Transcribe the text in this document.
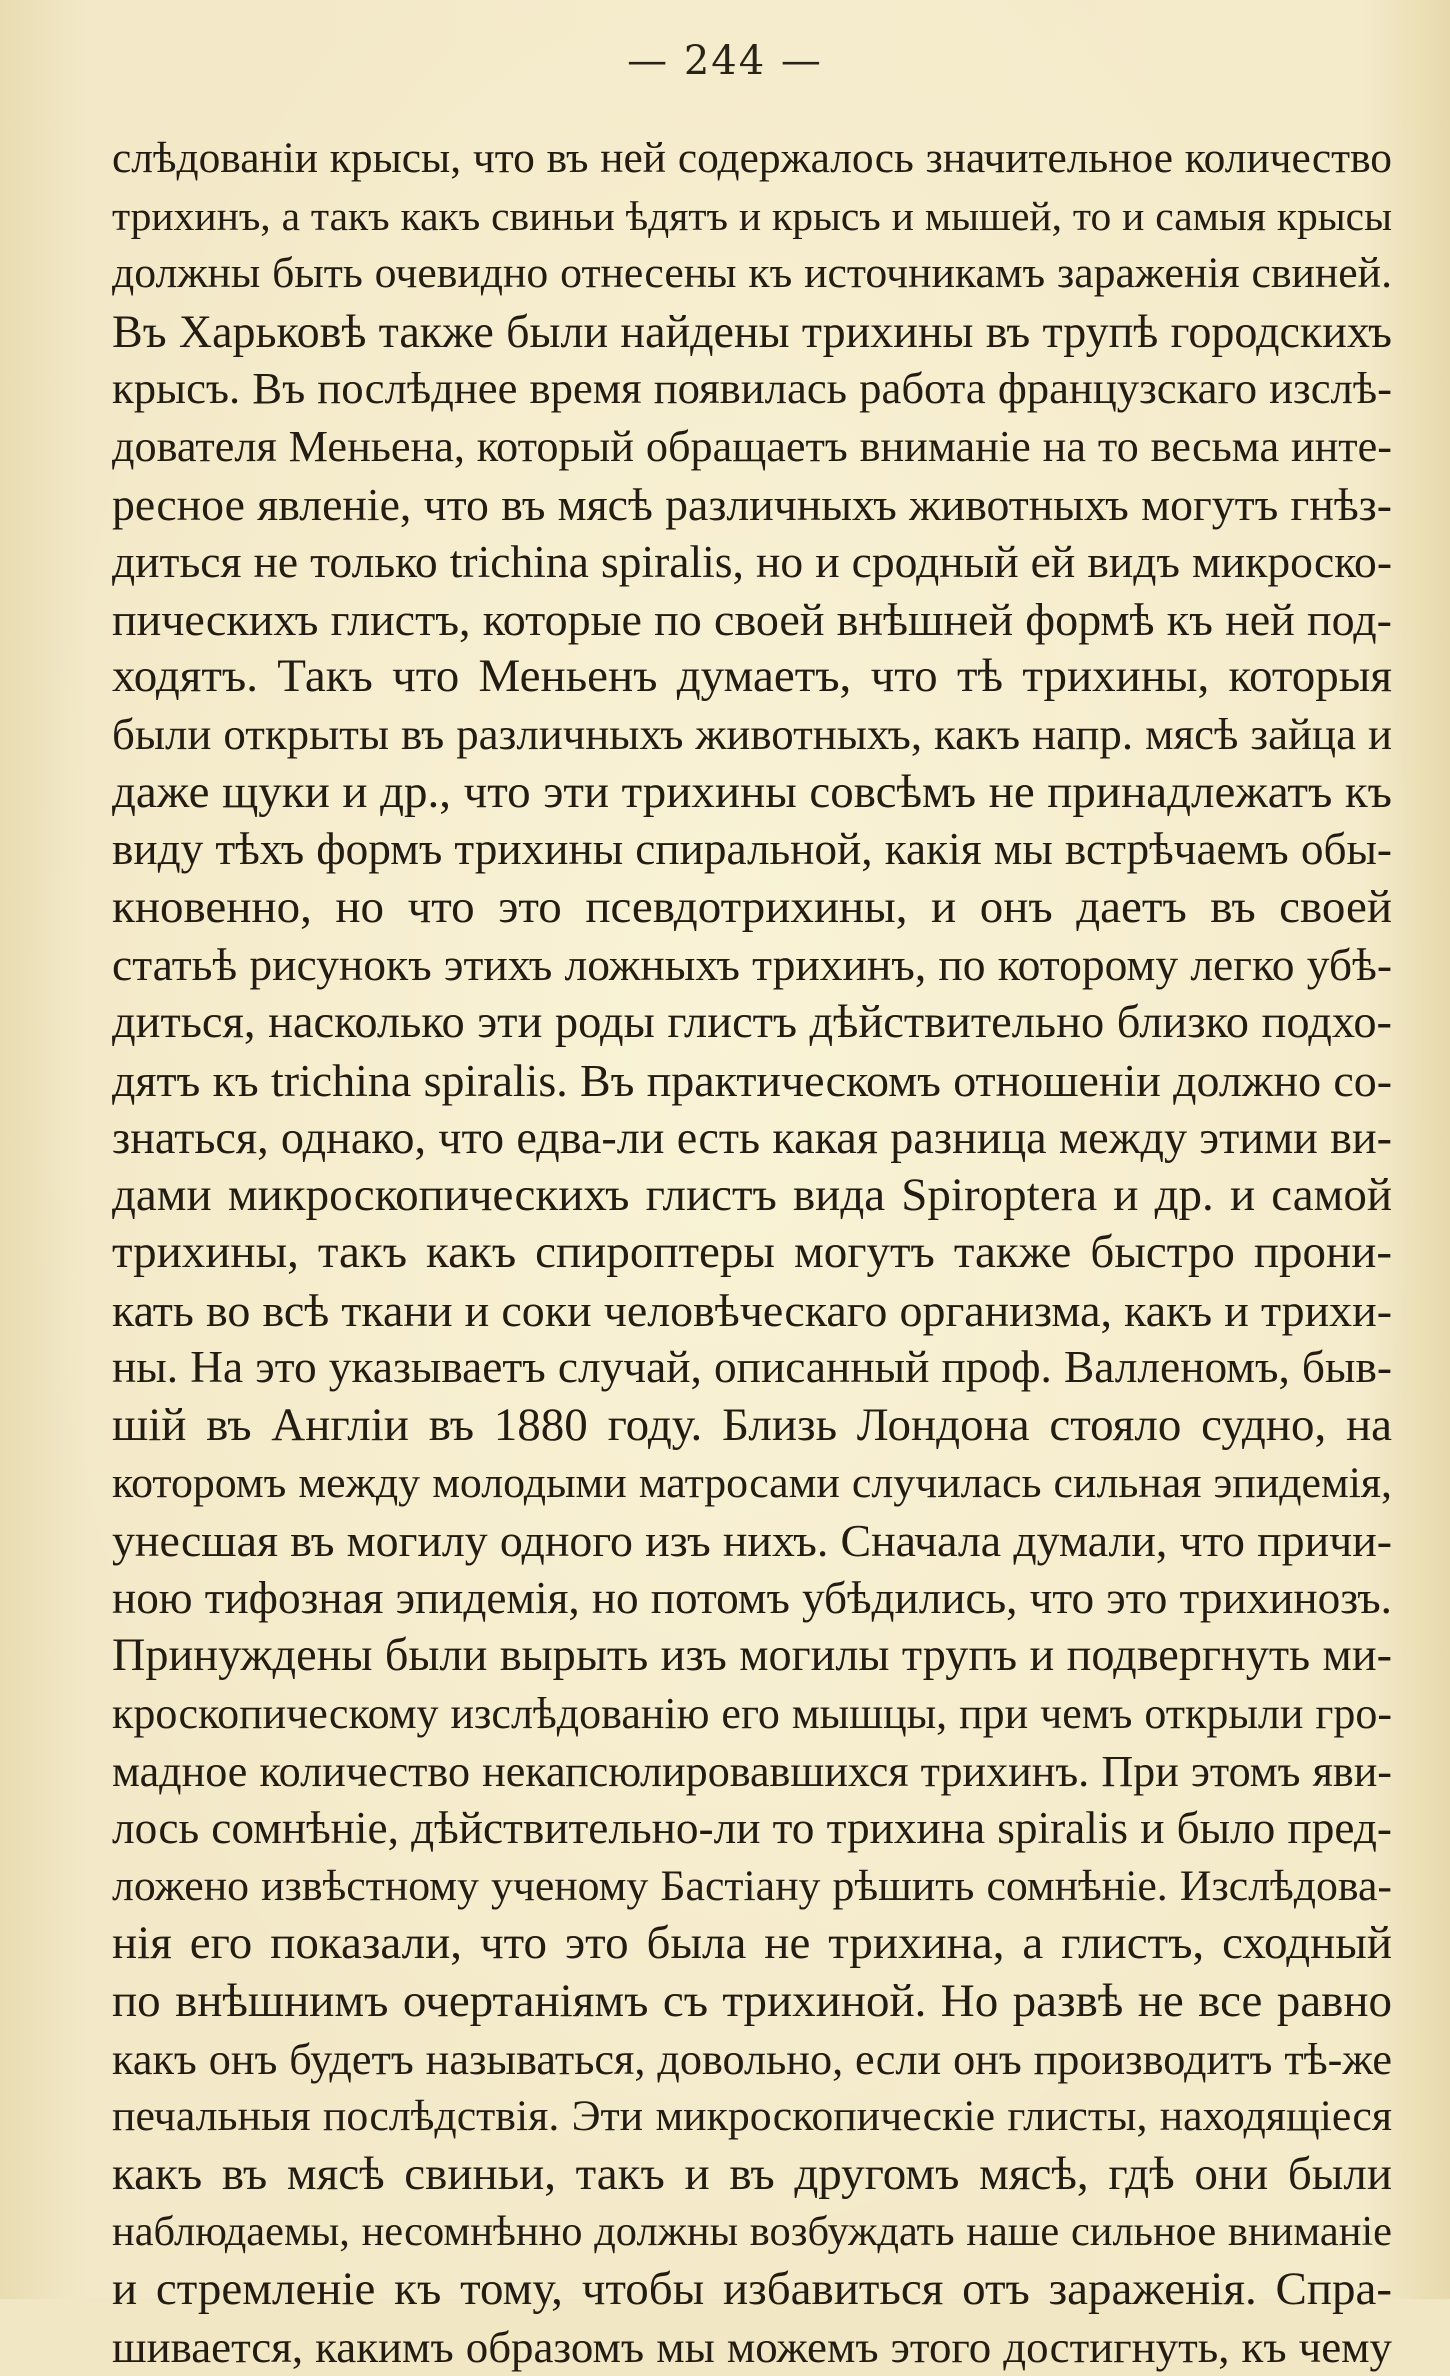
— 244 —
слѣдованіи крысы, что въ ней содержалось значительное количество
трихинъ, а такъ какъ свиньи ѣдятъ и крысъ и мышей, то и самыя крысы
должны быть очевидно отнесены къ источникамъ зараженія свиней.
Въ Харьковѣ также были найдены трихины въ трупѣ городскихъ
крысъ. Въ послѣднее время появилась работа французскаго изслѣ-
дователя Меньена, который обращаетъ вниманіе на то весьма инте-
ресное явленіе, что въ мясѣ различныхъ животныхъ могутъ гнѣз-
диться не только trichina spiralis, но и сродный ей видъ микроско-
пическихъ глистъ, которые по своей внѣшней формѣ къ ней под-
ходятъ. Такъ что Меньенъ думаетъ, что тѣ трихины, которыя
были открыты въ различныхъ животныхъ, какъ напр. мясѣ зайца и
даже щуки и др., что эти трихины совсѣмъ не принадлежатъ къ
виду тѣхъ формъ трихины спиральной, какія мы встрѣчаемъ обы-
кновенно, но что это псевдотрихины, и онъ даетъ въ своей
статьѣ рисунокъ этихъ ложныхъ трихинъ, по которому легко убѣ-
диться, насколько эти роды глистъ дѣйствительно близко подхо-
дятъ къ trichina spiralis. Въ практическомъ отношеніи должно со-
знаться, однако, что едва-ли есть какая разница между этими ви-
дами микроскопическихъ глистъ вида Spiroptera и др. и самой
трихины, такъ какъ спироптеры могутъ также быстро прони-
кать во всѣ ткани и соки человѣческаго организма, какъ и трихи-
ны. На это указываетъ случай, описанный проф. Валленомъ, быв-
шій въ Англіи въ 1880 году. Близь Лондона стояло судно, на
которомъ между молодыми матросами случилась сильная эпидемія,
унесшая въ могилу одного изъ нихъ. Сначала думали, что причи-
ною тифозная эпидемія, но потомъ убѣдились, что это трихинозъ.
Принуждены были вырыть изъ могилы трупъ и подвергнуть ми-
кроскопическому изслѣдованію его мышцы, при чемъ открыли гро-
мадное количество некапсюлировавшихся трихинъ. При этомъ яви-
лось сомнѣніе, дѣйствительно-ли то трихина spiralis и было пред-
ложено извѣстному ученому Бастіану рѣшить сомнѣніе. Изслѣдова-
нія его показали, что это была не трихина, а глистъ, сходный
по внѣшнимъ очертаніямъ съ трихиной. Но развѣ не все равно
какъ онъ будетъ называться, довольно, если онъ производитъ тѣ-же
печальныя послѣдствія. Эти микроскопическіе глисты, находящіеся
какъ въ мясѣ свиньи, такъ и въ другомъ мясѣ, гдѣ они были
наблюдаемы, несомнѣнно должны возбуждать наше сильное вниманіе
и стремленіе къ тому, чтобы избавиться отъ зараженія. Спра-
шивается, какимъ образомъ мы можемъ этого достигнуть, къ чему
